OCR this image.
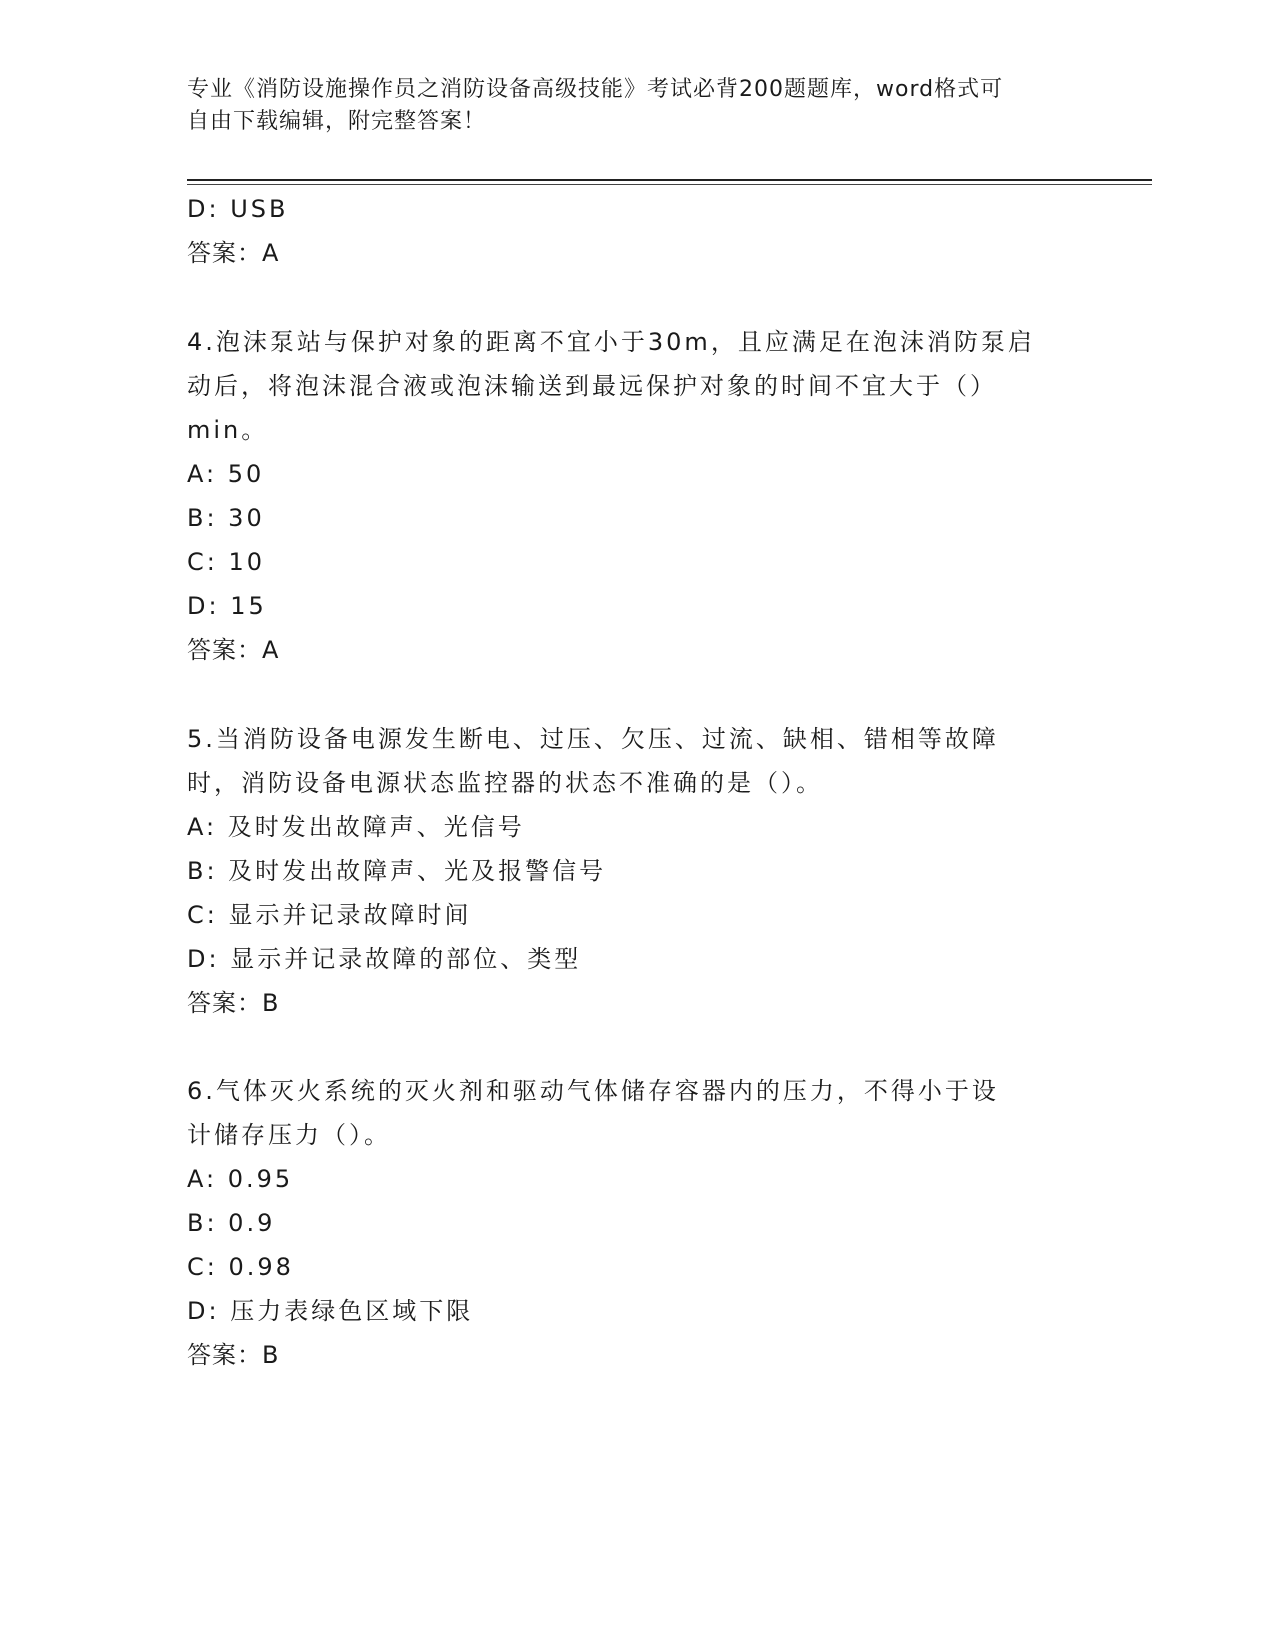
专业《消防设施操作员之消防设备高级技能》考试必背200题题库，word格式可
自由下载编辑，附完整答案！
D: USB
答案：A
4.泡沫泵站与保护对象的距离不宜小于30m，且应满足在泡沫消防泵启
动后，将泡沫混合液或泡沫输送到最远保护对象的时间不宜大于（）
min。
A: 50
B: 30
C: 10
D: 15
答案：A
5.当消防设备电源发生断电、过压、欠压、过流、缺相、错相等故障
时，消防设备电源状态监控器的状态不准确的是（）。
A: 及时发出故障声、光信号
B: 及时发出故障声、光及报警信号
C: 显示并记录故障时间
D: 显示并记录故障的部位、类型
答案：B
6.气体灭火系统的灭火剂和驱动气体储存容器内的压力，不得小于设
计储存压力（）。
A: 0.95
B: 0.9
C: 0.98
D: 压力表绿色区域下限
答案：B
